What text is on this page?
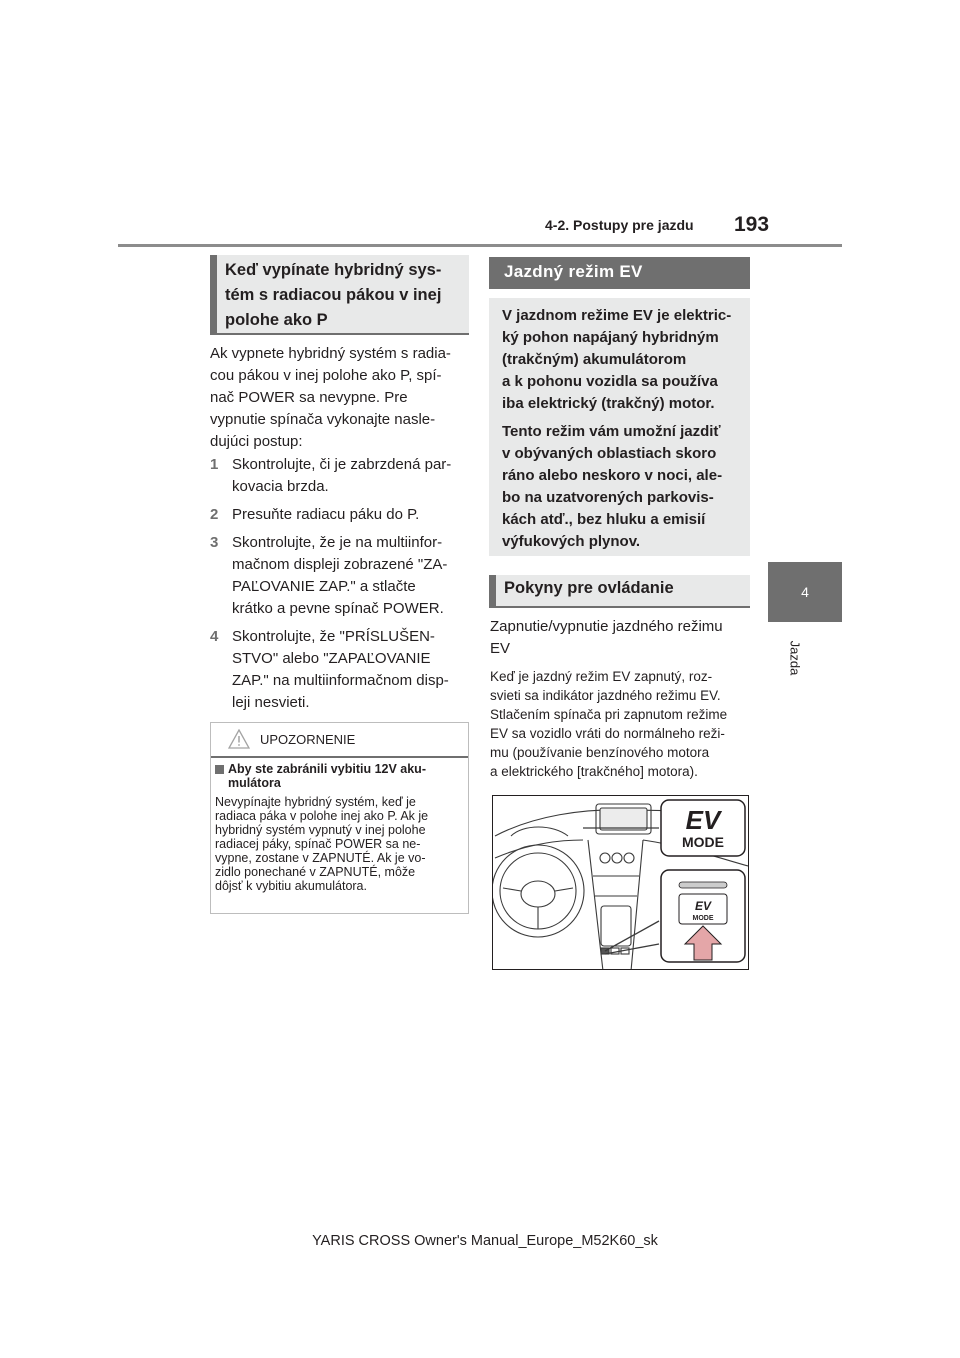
4-2. Postupy pre jazdu 193
4
Jazda
Keď vypínate hybridný sys-
tém s radiacou pákou v inej
polohe ako P
Ak vypnete hybridný systém s radia-
cou pákou v inej polohe ako P, spí-
nač POWER sa nevypne. Pre
vypnutie spínača vykonajte nasle-
dujúci postup:
1 Skontrolujte, či je zabrzdená par-
kovacia brzda.
2 Presuňte radiacu páku do P.
3 Skontrolujte, že je na multiinfor-
mačnom displeji zobrazené "ZA-
PAĽOVANIE ZAP." a stlačte
krátko a pevne spínač POWER.
4 Skontrolujte, že "PRÍSLUŠEN-
STVO" alebo "ZAPAĽOVANIE
ZAP." na multiinformačnom disp-
leji nesvieti.
UPOZORNENIE
Aby ste zabránili vybitiu 12V aku-
mulátora
Nevypínajte hybridný systém, keď je
radiaca páka v polohe inej ako P. Ak je
hybridný systém vypnutý v inej polohe
radiacej páky, spínač POWER sa ne-
vypne, zostane v ZAPNUTÉ. Ak je vo-
zidlo ponechané v ZAPNUTÉ, môže
dôjsť k vybitiu akumulátora.
Jazdný režim EV

V jazdnom režime EV je elektric-
ký pohon napájaný hybridným
(trakčným) akumulátorom
a k pohonu vozidla sa používa
iba elektrický (trakčný) motor.

Tento režim vám umožní jazdiť
v obývaných oblastiach skoro
ráno alebo neskoro v noci, ale-
bo na uzatvorených parkovis-
kách atď., bez hluku a emisií
výfukových plynov.

Pokyny pre ovládanie
Zapnutie/vypnutie jazdného režimu
EV
Keď je jazdný režim EV zapnutý, roz-
svieti sa indikátor jazdného režimu EV.
Stlačením spínača pri zapnutom režime
EV sa vozidlo vráti do normálneho reži-
mu (používanie benzínového motora
a elektrického [trakčného] motora).
EV
MODE
EV
MODE
YARIS CROSS Owner's Manual_Europe_M52K60_sk
